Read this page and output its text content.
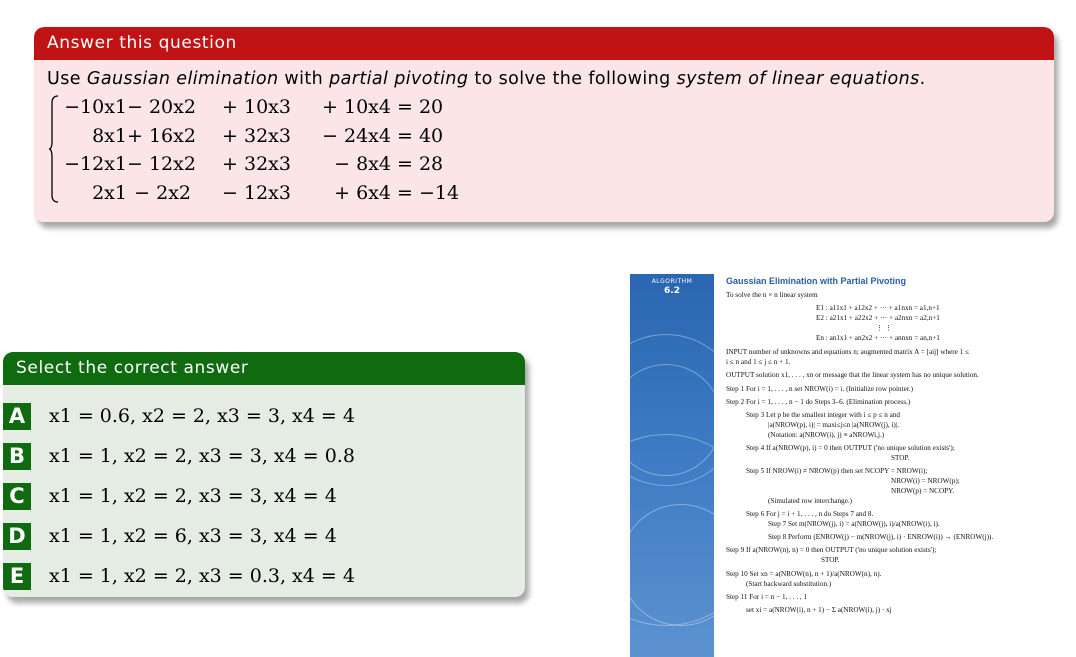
Answer this question

Use Gaussian elimination with partial pivoting to solve the following system of linear equations.

−10x1 − 20x2	+ 10x3	+ 10x4 = 20
8x1 + 16x2	+ 32x3	− 24x4 = 40
−12x1 − 12x2	+ 32x3	− 8x4 = 28
2x1 − 2x2	− 12x3	+ 6x4 = −14
Select the correct answer
A	x1 = 0.6, x2 = 2, x3 = 3, x4 = 4
B	x1 = 1, x2 = 2, x3 = 3, x4 = 0.8
C	x1 = 1, x2 = 2, x3 = 3, x4 = 4
D x1 = 1, x2 = 6, x3 = 3, x4 = 4
E	x1 = 1, x2 = 2, x3 = 0.3, x4 = 4
ALGORITHM
6.2
Gaussian Elimination with Partial Pivoting

To solve the n × n linear system

E1 : a11x1 + a12x2 + ··· + a1nxn = a1,n+1

E2 : a21x1 + a22x2 + ··· + a2nxn = a2,n+1

⋮ ⋮

En : an1x1 + an2x2 + ··· + annxn = an,n+1

INPUT number of unknowns and equations n; augmented matrix A = [aij] where 1 ≤

i ≤ n and 1 ≤ j ≤ n + 1.

OUTPUT solution x1, . . . , xn or message that the linear system has no unique solution.

Step 1 For i = 1, . . . , n set NROW(i) = i. (Initialize row pointer.)

Step 2 For i = 1, . . . , n − 1 do Steps 3–6. (Elimination process.)

Step 3 Let p be the smallest integer with i ≤ p ≤ n and

|a(NROW(p), i)| = maxi≤j≤n |a(NROW(j), i)|.

(Notation: a(NROW(i), j) ≡ aNROWi,j.)

Step 4 If a(NROW(p), i) = 0 then OUTPUT ('no unique solution exists');

STOP.

Step 5 If NROW(i) ≠ NROW(p) then set NCOPY = NROW(i);

NROW(i) = NROW(p);

NROW(p) = NCOPY.

(Simulated row interchange.)

Step 6 For j = i + 1, . . . , n do Steps 7 and 8.

Step 7 Set m(NROW(j), i) = a(NROW(j), i)/a(NROW(i), i).

Step 8 Perform (ENROW(j) − m(NROW(j), i) · ENROW(i)) → (ENROW(j)).

Step 9 If a(NROW(n), n) = 0 then OUTPUT ('no unique solution exists');

STOP.

Step 10 Set xn = a(NROW(n), n + 1)/a(NROW(n), n).

(Start backward substitution.)

Step 11 For i = n − 1, . . . , 1

set xi = a(NROW(i), n + 1) − Σ a(NROW(i), j) · xj
